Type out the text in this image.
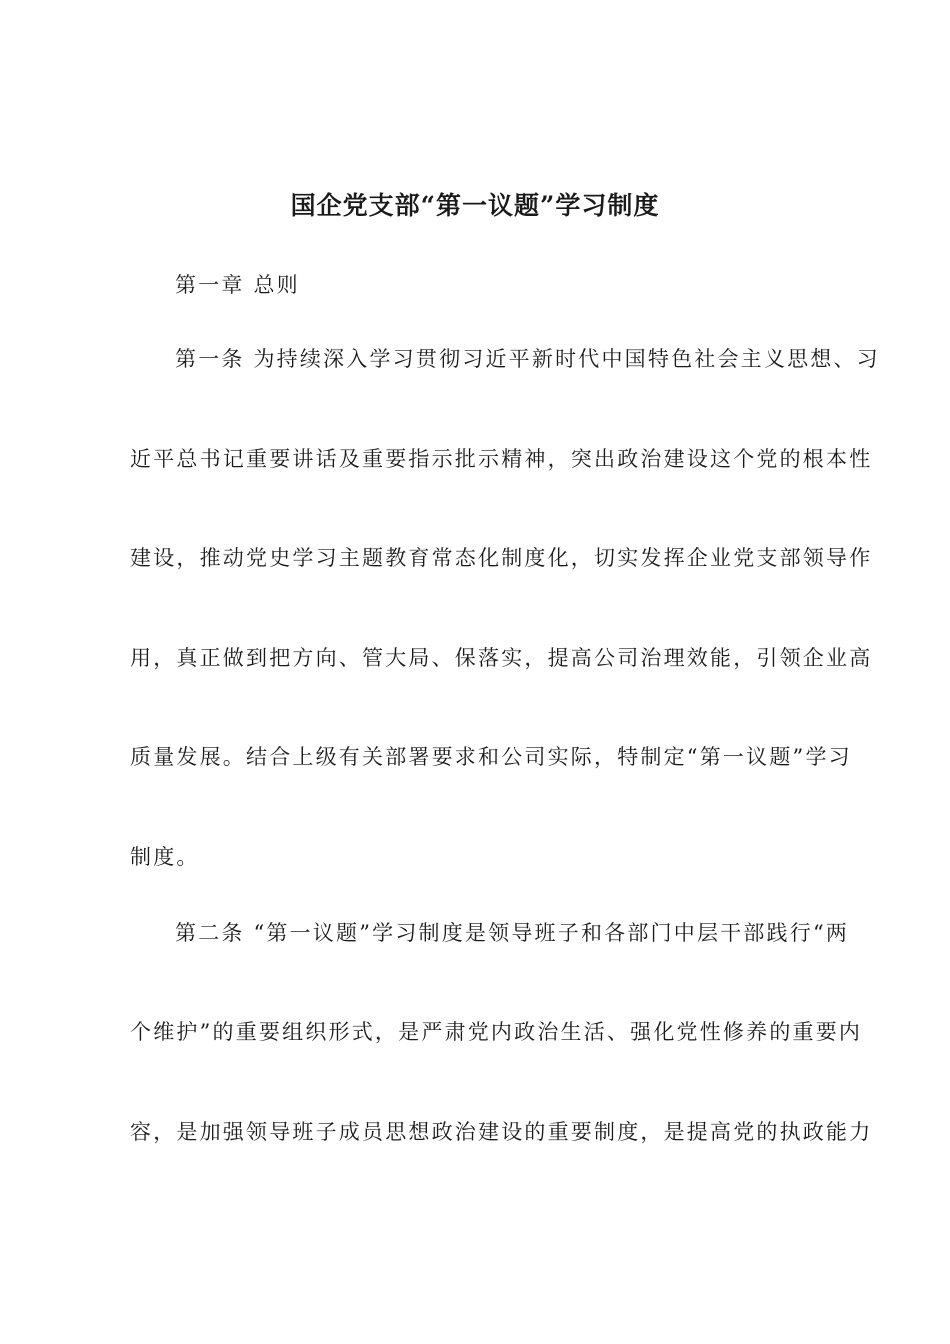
国企党支部“第一议题”学习制度
第一章 总则
第一条 为持续深入学习贯彻习近平新时代中国特色社会主义思想、习
近平总书记重要讲话及重要指示批示精神，突出政治建设这个党的根本性
建设，推动党史学习主题教育常态化制度化，切实发挥企业党支部领导作
用，真正做到把方向、管大局、保落实，提高公司治理效能，引领企业高
质量发展。结合上级有关部署要求和公司实际，特制定“第一议题”学习
制度。
第二条 “第一议题”学习制度是领导班子和各部门中层干部践行“两
个维护”的重要组织形式，是严肃党内政治生活、强化党性修养的重要内
容，是加强领导班子成员思想政治建设的重要制度，是提高党的执政能力
